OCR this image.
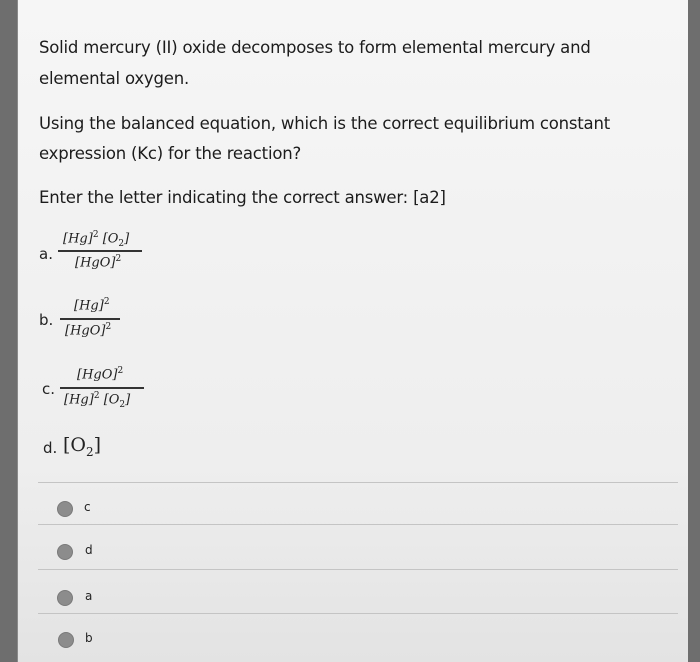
Solid mercury (II) oxide decomposes to form elemental mercury and
elemental oxygen.
Using the balanced equation, which is the correct equilibrium constant
expression (Kc) for the reaction?
Enter the letter indicating the correct answer: [a2]
a.
$[Hg]^2$ $[O_2]$
[HgO]$^2$
b.
$[Hg]^2$
[HgO]$^2$
c.
[HgO]$^2$
$[Hg]^2$ $[O_2]$
d. $[O_2]$
c
d
a
b
